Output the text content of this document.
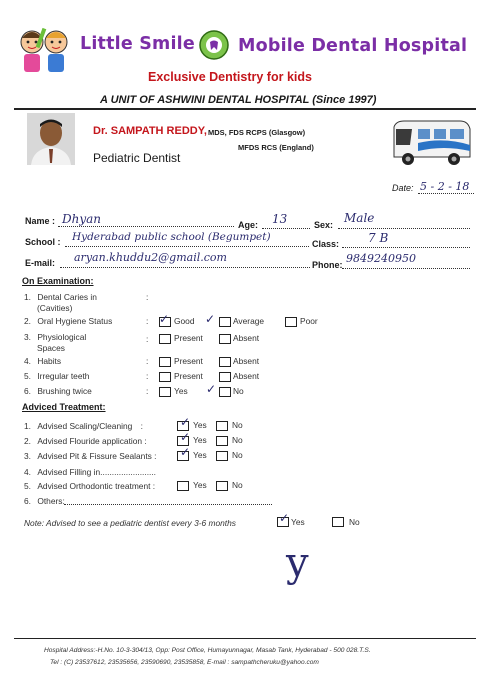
Little Smile Mobile Dental Hospital
Exclusive Dentistry for kids
A UNIT OF ASHWINI DENTAL HOSPITAL (Since 1997)
Dr. SAMPATH REDDY, MDS, FDS RCPS (Glasgow)
MFDS RCS (England)
Pediatric Dentist
Date: 5 - 2 - 18
Name : Dhyan	Age: 13	Sex: Male
School : Hyderabad public school (Begumpet)
Class: 7 B
E-mail: aryan.khuddu2@gmail.com
Phone: 9849240950
On Examination:
1. Dental Caries in
(Cavities)
:
2. Oral Hygiene Status	: ✓ Good ✓ Average	Poor
3. Physiological
Spaces
:	Present	Absent
4. Habits	:	Present	Absent
5. Irregular teeth	:	Present	Absent
6. Brushing twice	:	Yes ✓ No
Adviced Treatment:
1. Advised Scaling/Cleaning :	✓ Yes	No
2. Advised Flouride application :	✓ Yes	No
3. Advised Pit & Fissure Sealants : ✓ Yes	No
4. Advised Filling in........................
5. Advised Orthodontic treatment :	Yes	No
6. Others:
Note: Advised to see a pediatric dentist every 3-6 months	✓ Yes	No
y
Hospital Address:-H.No. 10-3-304/13, Opp: Post Office, Humayunnagar, Masab Tank, Hyderabad - 500 028.T.S.
Tel : (C) 23537612, 23535656, 23590690, 23535858, E-mail : sampathcheruku@yahoo.com
